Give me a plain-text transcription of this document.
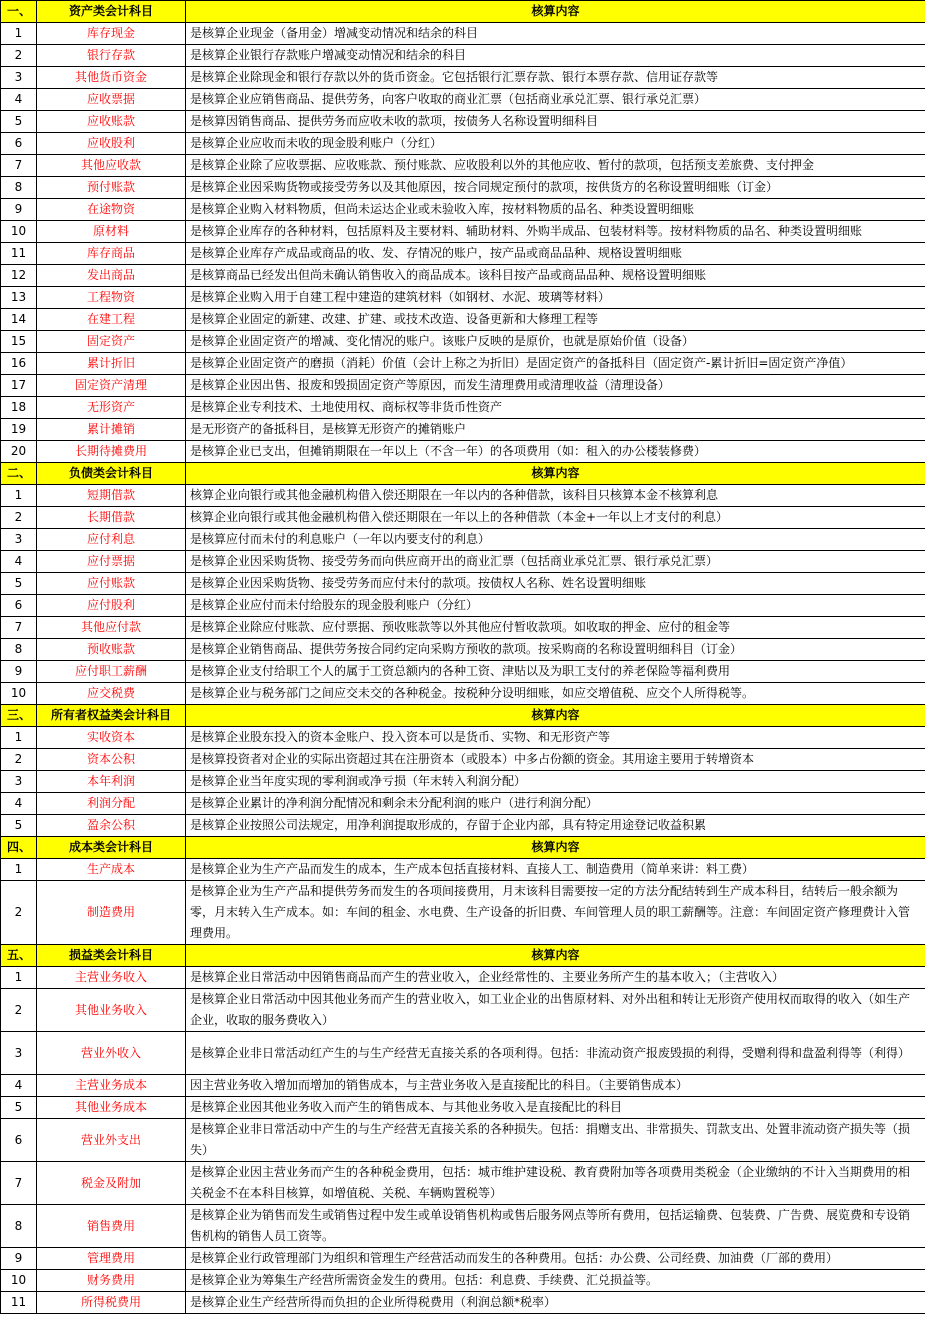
一、	资产类会计科目	核算内容
1	库存现金	是核算企业现金（备用金）增减变动情况和结余的科目
2	银行存款	是核算企业银行存款账户增减变动情况和结余的科目
3	其他货币资金	是核算企业除现金和银行存款以外的货币资金。它包括银行汇票存款、银行本票存款、信用证存款等
4	应收票据	是核算企业应销售商品、提供劳务，向客户收取的商业汇票（包括商业承兑汇票、银行承兑汇票）
5	应收账款	是核算因销售商品、提供劳务而应收未收的款项，按债务人名称设置明细科目
6	应收股利	是核算企业应收而未收的现金股利账户（分红）
7	其他应收款	是核算企业除了应收票据、应收账款、预付账款、应收股利以外的其他应收、暂付的款项，包括预支差旅费、支付押金
8	预付账款	是核算企业因采购货物或接受劳务以及其他原因，按合同规定预付的款项，按供货方的名称设置明细账（订金）
9	在途物资	是核算企业购入材料物质，但尚未运达企业或未验收入库，按材料物质的品名、种类设置明细账
10	原材料	是核算企业库存的各种材料，包括原料及主要材料、辅助材料、外购半成品、包装材料等。按材料物质的品名、种类设置明细账
11	库存商品	是核算企业库存产成品或商品的收、发、存情况的账户，按产品或商品品种、规格设置明细账
12	发出商品	是核算商品已经发出但尚未确认销售收入的商品成本。该科目按产品或商品品种、规格设置明细账
13	工程物资	是核算企业购入用于自建工程中建造的建筑材料（如钢材、水泥、玻璃等材料）
14	在建工程	是核算企业固定的新建、改建、扩建、或技术改造、设备更新和大修理工程等
15	固定资产	是核算企业固定资产的增减、变化情况的账户。该账户反映的是原价，也就是原始价值（设备）
16	累计折旧	是核算企业固定资产的磨损（消耗）价值（会计上称之为折旧）是固定资产的备抵科目（固定资产-累计折旧=固定资产净值）
17	固定资产清理	是核算企业因出售、报废和毁损固定资产等原因，而发生清理费用或清理收益（清理设备）
18	无形资产	是核算企业专利技术、土地使用权、商标权等非货币性资产
19	累计摊销	是无形资产的备抵科目，是核算无形资产的摊销账户
20	长期待摊费用	是核算企业已支出，但摊销期限在一年以上（不含一年）的各项费用（如：租入的办公楼装修费）
二、	负债类会计科目	核算内容
1	短期借款	核算企业向银行或其他金融机构借入偿还期限在一年以内的各种借款，该科目只核算本金不核算利息
2	长期借款	核算企业向银行或其他金融机构借入偿还期限在一年以上的各种借款（本金+一年以上才支付的利息）
3	应付利息	是核算应付而未付的利息账户（一年以内要支付的利息）
4	应付票据	是核算企业因采购货物、接受劳务而向供应商开出的商业汇票（包括商业承兑汇票、银行承兑汇票）
5	应付账款	是核算企业因采购货物、接受劳务而应付未付的款项。按债权人名称、姓名设置明细账
6	应付股利	是核算企业应付而未付给股东的现金股利账户（分红）
7	其他应付款	是核算企业除应付账款、应付票据、预收账款等以外其他应付暂收款项。如收取的押金、应付的租金等
8	预收账款	是核算企业销售商品、提供劳务按合同约定向采购方预收的款项。按采购商的名称设置明细科目（订金）
9	应付职工薪酬	是核算企业支付给职工个人的属于工资总额内的各种工资、津贴以及为职工支付的养老保险等福利费用
10	应交税费	是核算企业与税务部门之间应交未交的各种税金。按税种分设明细账，如应交增值税、应交个人所得税等。
三、	所有者权益类会计科目	核算内容
1	实收资本	是核算企业股东投入的资本金账户、投入资本可以是货币、实物、和无形资产等
2	资本公积	是核算投资者对企业的实际出资超过其在注册资本（或股本）中多占份额的资金。其用途主要用于转增资本
3	本年利润	是核算企业当年度实现的零利润或净亏损（年末转入利润分配）
4	利润分配	是核算企业累计的净利润分配情况和剩余未分配利润的账户（进行利润分配）
5	盈余公积	是核算企业按照公司法规定，用净利润提取形成的，存留于企业内部，具有特定用途登记收益积累
四、	成本类会计科目	核算内容
1	生产成本	是核算企业为生产产品而发生的成本，生产成本包括直接材料、直接人工、制造费用（简单来讲：料工费）
2	制造费用	是核算企业为生产产品和提供劳务而发生的各项间接费用，月末该科目需要按一定的方法分配结转到生产成本科目，结转后一般余额为零，月末转入生产成本。如：车间的租金、水电费、生产设备的折旧费、车间管理人员的职工薪酬等。注意：车间固定资产修理费计入管理费用。
五、	损益类会计科目	核算内容
1	主营业务收入	是核算企业日常活动中因销售商品而产生的营业收入，企业经常性的、主要业务所产生的基本收入；（主营收入）
2	其他业务收入	是核算企业日常活动中因其他业务而产生的营业收入，如工业企业的出售原材料、对外出租和转让无形资产使用权而取得的收入（如生产企业，收取的服务费收入）
3	营业外收入	是核算企业非日常活动红产生的与生产经营无直接关系的各项利得。包括：非流动资产报废毁损的利得，受赠利得和盘盈利得等（利得）
4	主营业务成本	因主营业务收入增加而增加的销售成本，与主营业务收入是直接配比的科目。（主要销售成本）
5	其他业务成本	是核算企业因其他业务收入而产生的销售成本、与其他业务收入是直接配比的科目
6	营业外支出	是核算企业非日常活动中产生的与生产经营无直接关系的各种损失。包括：捐赠支出、非常损失、罚款支出、处置非流动资产损失等（损失）
7	税金及附加	是核算企业因主营业务而产生的各种税金费用，包括：城市维护建设税、教育费附加等各项费用类税金（企业缴纳的不计入当期费用的相关税金不在本科目核算，如增值税、关税、车辆购置税等）
8	销售费用	是核算企业为销售而发生或销售过程中发生或单设销售机构或售后服务网点等所有费用，包括运输费、包装费、广告费、展览费和专设销售机构的销售人员工资等。
9	管理费用	是核算企业行政管理部门为组织和管理生产经营活动而发生的各种费用。包括：办公费、公司经费、加油费（厂部的费用）
10	财务费用	是核算企业为筹集生产经营所需资金发生的费用。包括：利息费、手续费、汇兑损益等。
11	所得税费用	是核算企业生产经营所得而负担的企业所得税费用（利润总额*税率）
